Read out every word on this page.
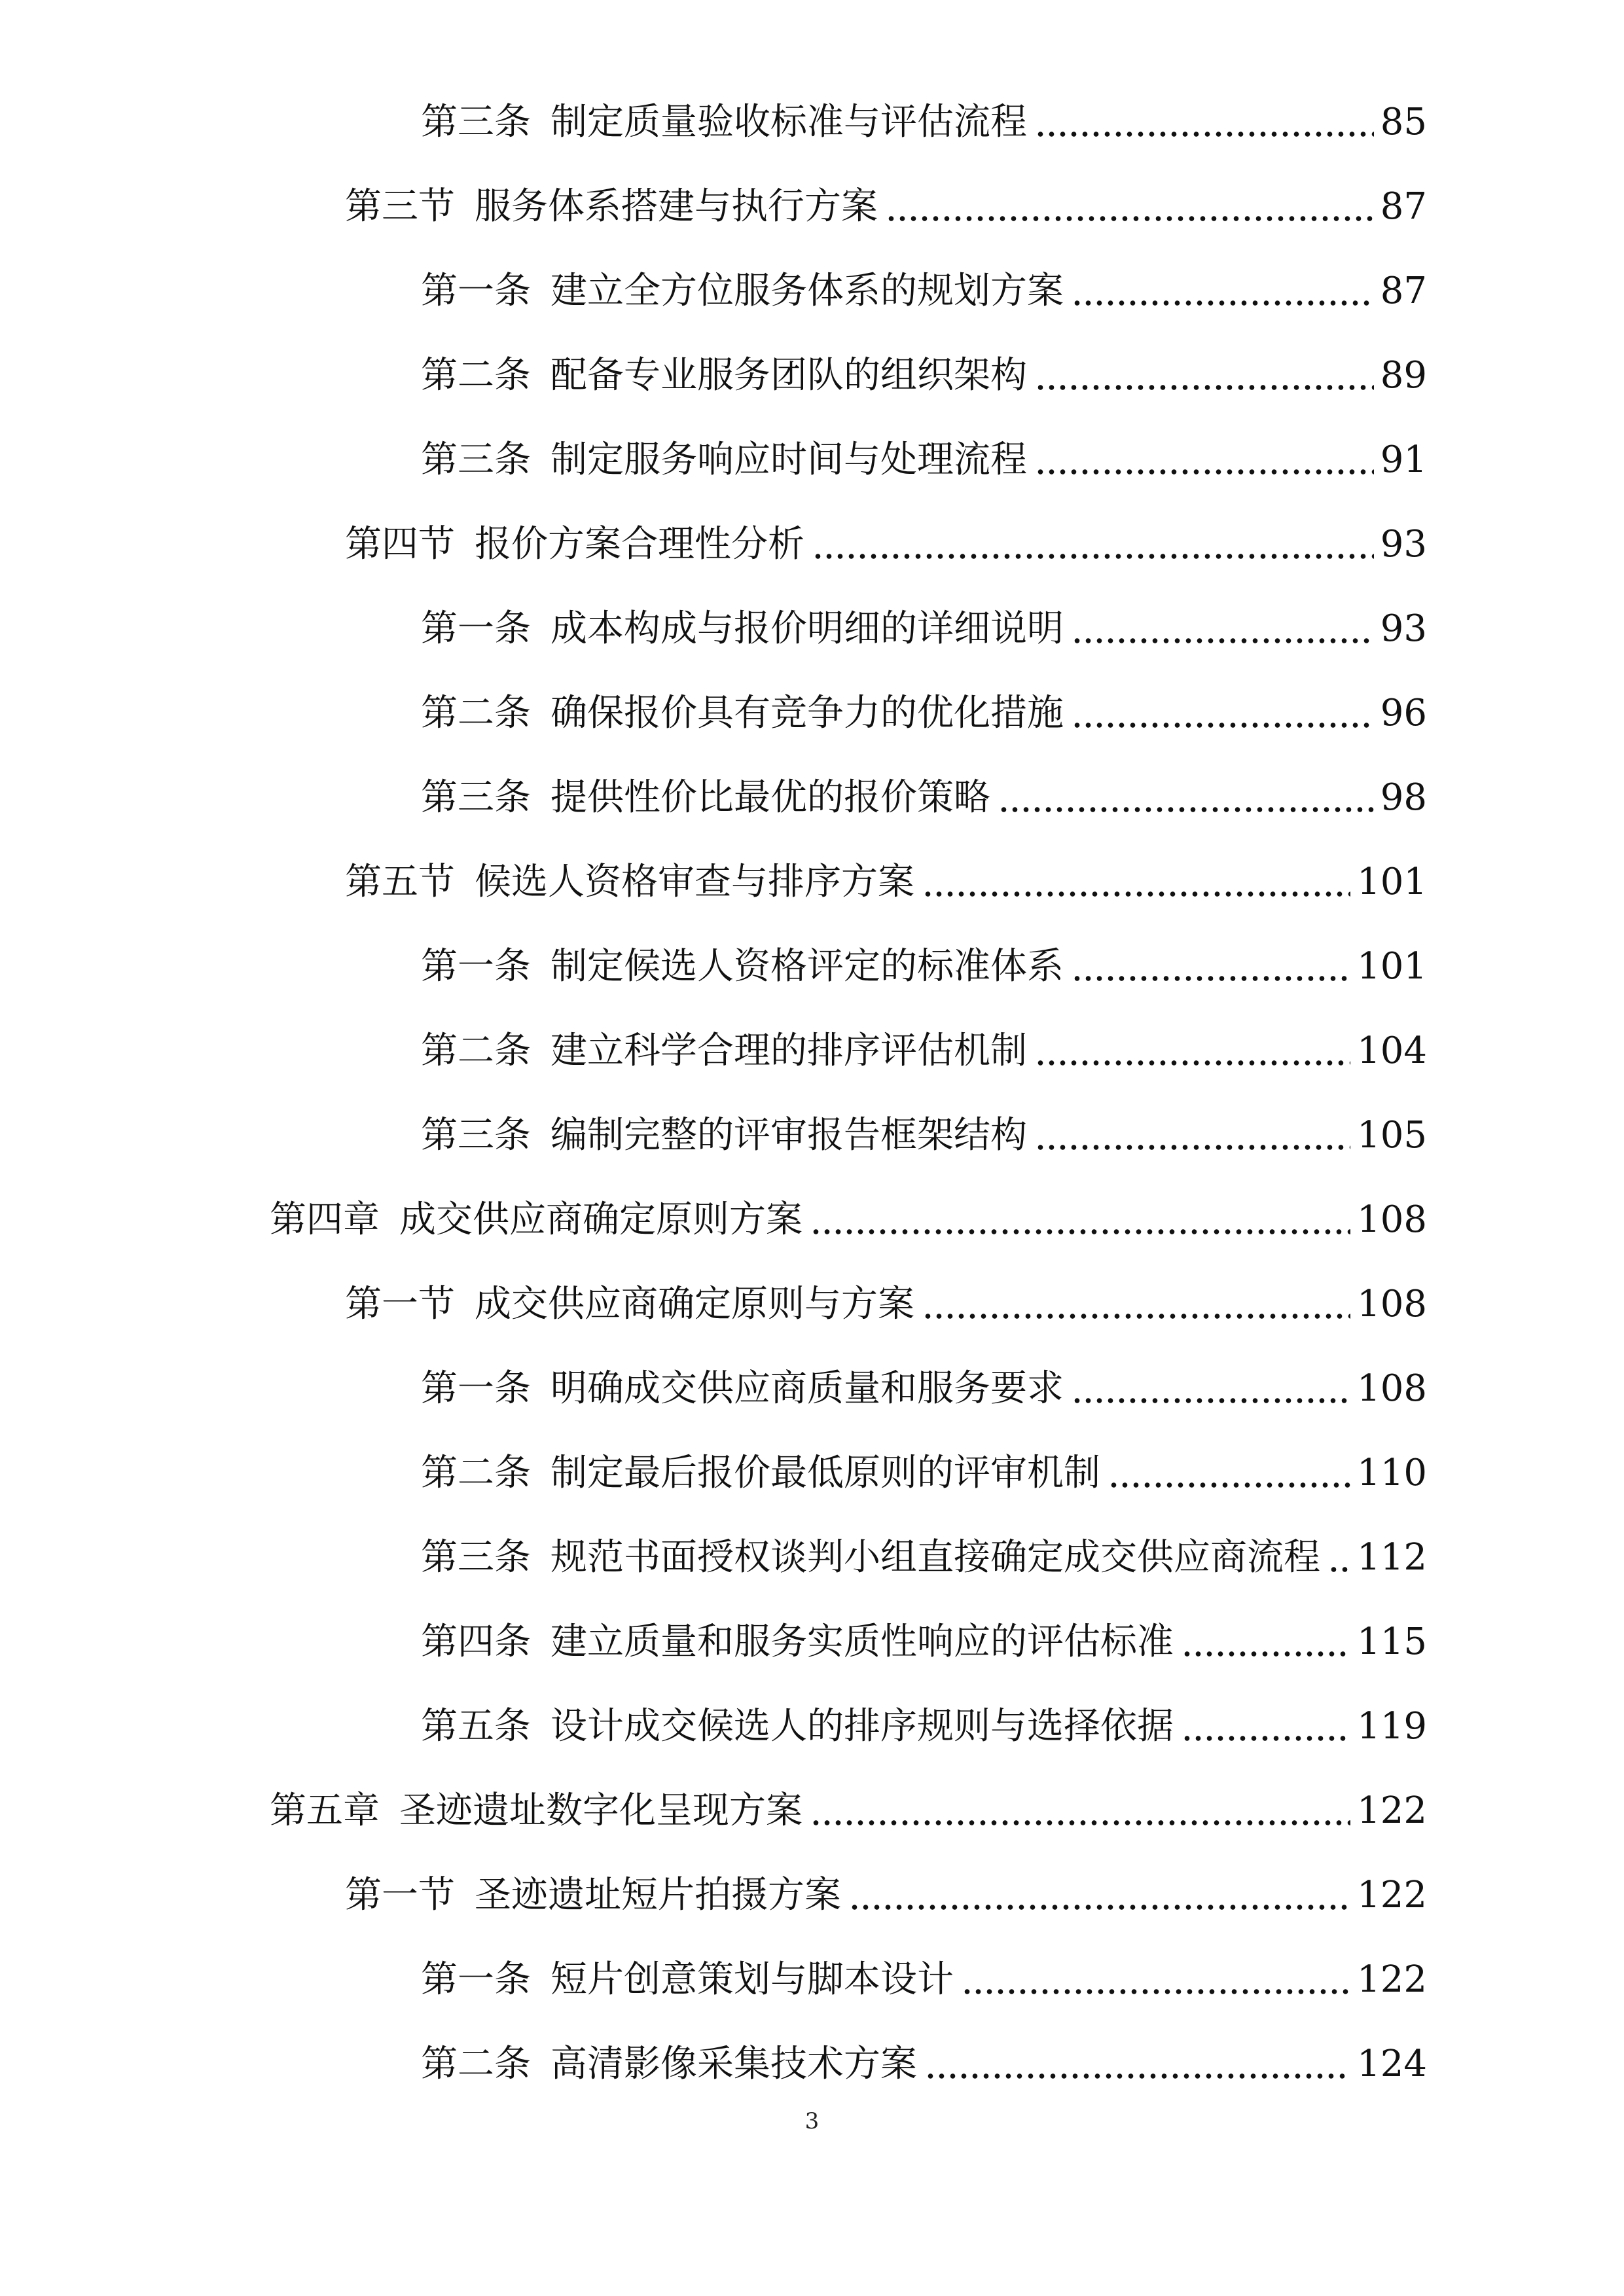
第三条 制定质量验收标准与评估流程	85
第三节 服务体系搭建与执行方案	87
第一条 建立全方位服务体系的规划方案	87
第二条 配备专业服务团队的组织架构	89
第三条 制定服务响应时间与处理流程	91
第四节 报价方案合理性分析	93
第一条 成本构成与报价明细的详细说明	93
第二条 确保报价具有竞争力的优化措施	96
第三条 提供性价比最优的报价策略	98
第五节 候选人资格审查与排序方案	101
第一条 制定候选人资格评定的标准体系	101
第二条 建立科学合理的排序评估机制	104
第三条 编制完整的评审报告框架结构	105
第四章 成交供应商确定原则方案	108
第一节 成交供应商确定原则与方案	108
第一条 明确成交供应商质量和服务要求	108
第二条 制定最后报价最低原则的评审机制	110
第三条 规范书面授权谈判小组直接确定成交供应商流程 112
第四条 建立质量和服务实质性响应的评估标准	115
第五条 设计成交候选人的排序规则与选择依据	119
第五章 圣迹遗址数字化呈现方案	122
第一节 圣迹遗址短片拍摄方案	122
第一条 短片创意策划与脚本设计	122
第二条 高清影像采集技术方案	124
3
